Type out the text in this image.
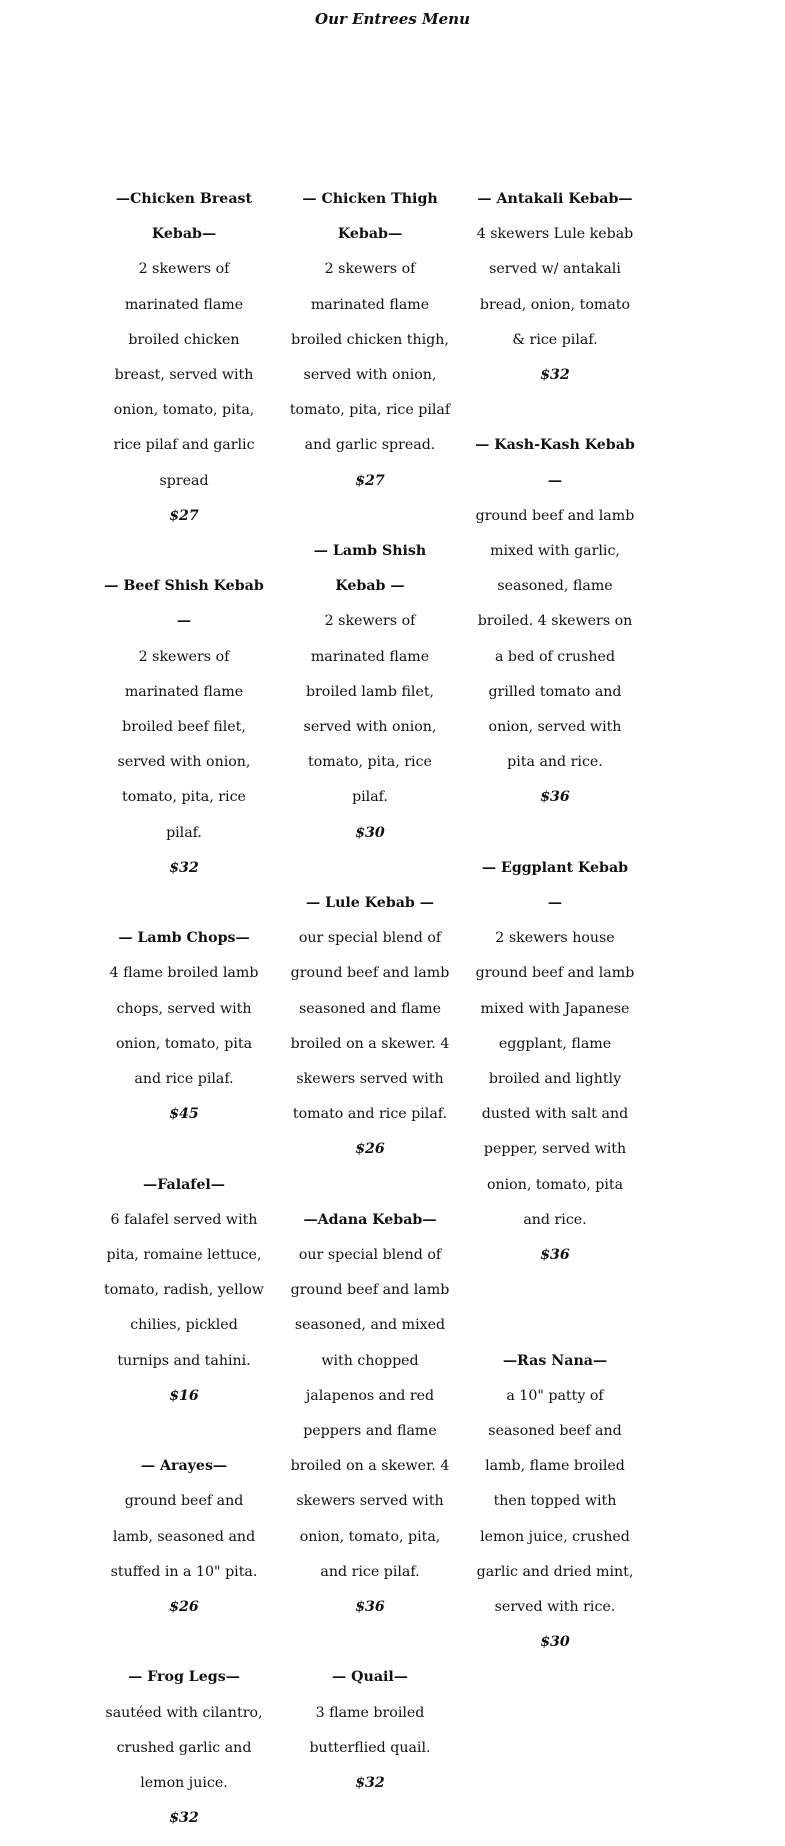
Our Entrees Menu
—Chicken Breast Kebab—
2 skewers of marinated flame broiled chicken breast, served with onion, tomato, pita, rice pilaf and garlic spread
$27
— Beef Shish Kebab —
2 skewers of marinated flame broiled beef filet, served with onion, tomato, pita, rice pilaf.
$32
— Lamb Chops—
4 flame broiled lamb chops, served with onion, tomato, pita and rice pilaf.
$45
—Falafel—
6 falafel served with pita, romaine lettuce, tomato, radish, yellow chilies, pickled turnips and tahini.
$16
— Arayes—
ground beef and lamb, seasoned and stuffed in a 10" pita.
$26
— Frog Legs—
sautéed with cilantro, crushed garlic and lemon juice.
$32
— Chicken Thigh Kebab—
2 skewers of marinated flame broiled chicken thigh, served with onion, tomato, pita, rice pilaf and garlic spread.
$27
— Lamb Shish Kebab —
2 skewers of marinated flame broiled lamb filet, served with onion, tomato, pita, rice pilaf.
$30
— Lule Kebab —
our special blend of ground beef and lamb seasoned and flame broiled on a skewer. 4 skewers served with tomato and rice pilaf.
$26
—Adana Kebab—
our special blend of ground beef and lamb seasoned, and mixed with chopped jalapenos and red peppers and flame broiled on a skewer. 4 skewers served with onion, tomato, pita, and rice pilaf.
$36
— Quail—
3 flame broiled butterflied quail.
$32
— Antakali Kebab—
4 skewers Lule kebab served w/ antakali bread, onion, tomato & rice pilaf.
$32
— Kash-Kash Kebab —
ground beef and lamb mixed with garlic, seasoned, flame broiled. 4 skewers on a bed of crushed grilled tomato and onion, served with pita and rice.
$36
— Eggplant Kebab —
2 skewers house ground beef and lamb mixed with Japanese eggplant, flame broiled and lightly dusted with salt and pepper, served with onion, tomato, pita and rice.
$36
—Ras Nana—
a 10" patty of seasoned beef and lamb, flame broiled then topped with lemon juice, crushed garlic and dried mint, served with rice.
$30
